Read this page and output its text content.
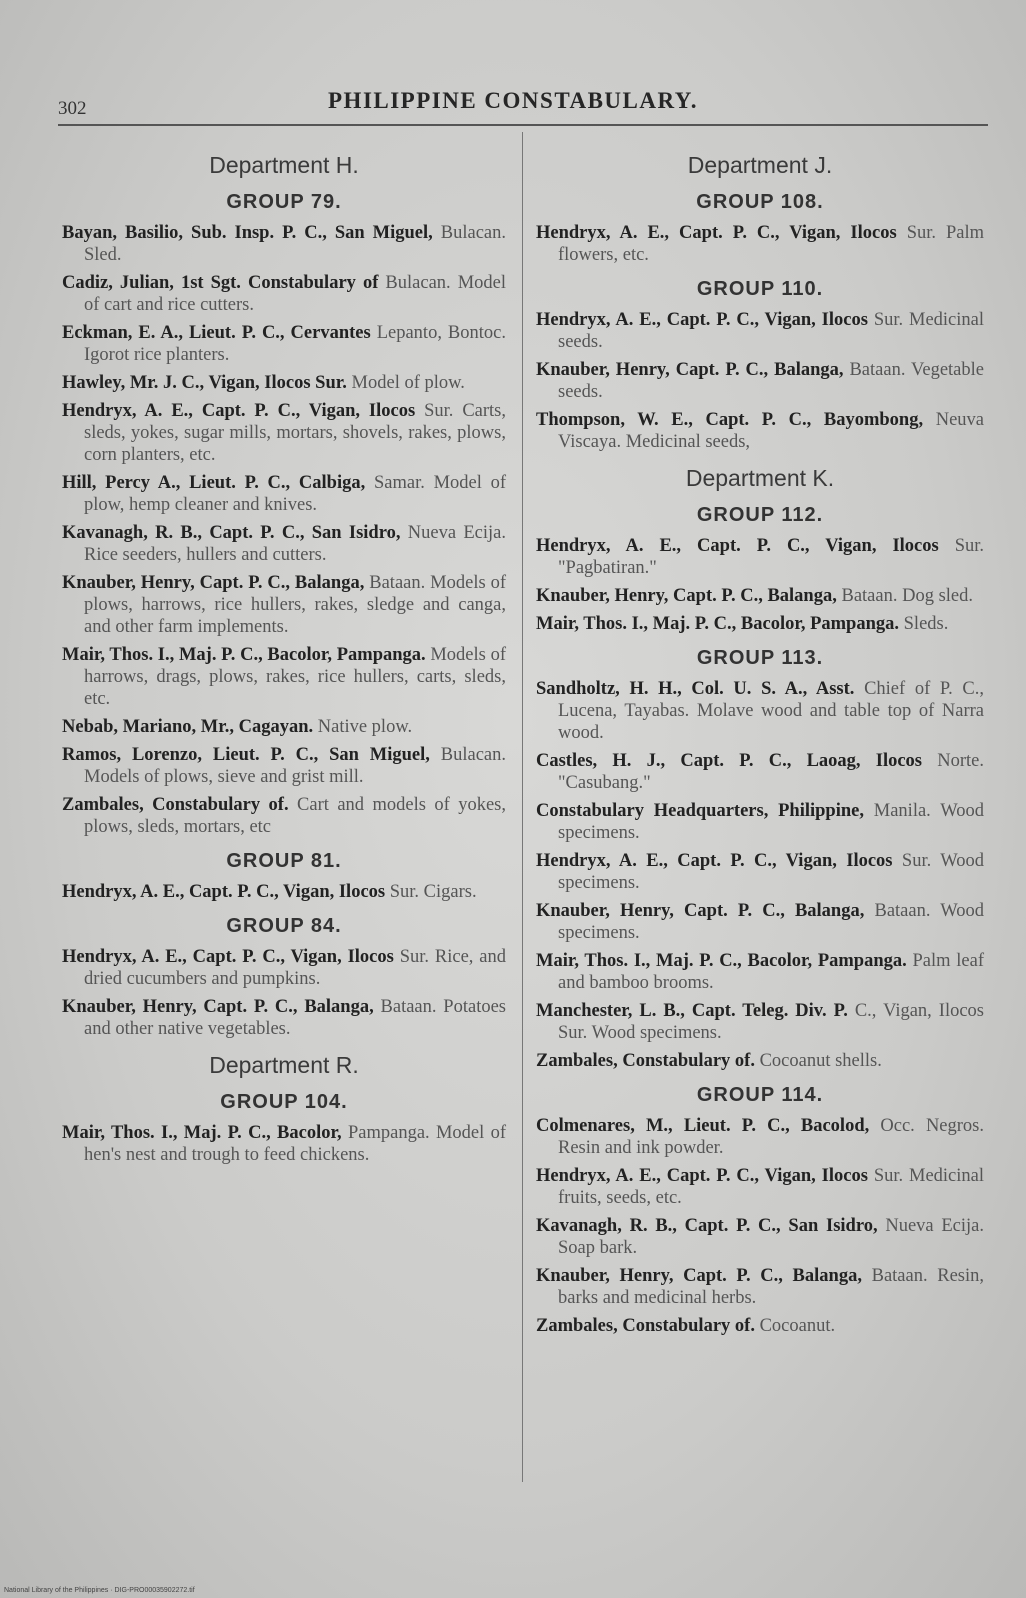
302	PHILIPPINE CONSTABULARY.
Department H.
GROUP 79.

Bayan, Basilio, Sub. Insp. P. C., San Miguel, Bulacan. Sled.

Cadiz, Julian, 1st Sgt. Constabulary of Bulacan. Model of cart and rice cutters.

Eckman, E. A., Lieut. P. C., Cervantes Lepanto, Bontoc. Igorot rice planters.

Hawley, Mr. J. C., Vigan, Ilocos Sur. Model of plow.

Hendryx, A. E., Capt. P. C., Vigan, Ilocos Sur. Carts, sleds, yokes, sugar mills, mortars, shovels, rakes, plows, corn planters, etc.

Hill, Percy A., Lieut. P. C., Calbiga, Samar. Model of plow, hemp cleaner and knives.

Kavanagh, R. B., Capt. P. C., San Isidro, Nueva Ecija. Rice seeders, hullers and cutters.

Knauber, Henry, Capt. P. C., Balanga, Bataan. Models of plows, harrows, rice hullers, rakes, sledge and canga, and other farm implements.

Mair, Thos. I., Maj. P. C., Bacolor, Pampanga. Models of harrows, drags, plows, rakes, rice hullers, carts, sleds, etc.

Nebab, Mariano, Mr., Cagayan. Native plow.

Ramos, Lorenzo, Lieut. P. C., San Miguel, Bulacan. Models of plows, sieve and grist mill.

Zambales, Constabulary of. Cart and models of yokes, plows, sleds, mortars, etc

GROUP 81.

Hendryx, A. E., Capt. P. C., Vigan, Ilocos Sur. Cigars.

GROUP 84.

Hendryx, A. E., Capt. P. C., Vigan, Ilocos Sur. Rice, and dried cucumbers and pumpkins.

Knauber, Henry, Capt. P. C., Balanga, Bataan. Potatoes and other native vegetables.

Department R.
GROUP 104.

Mair, Thos. I., Maj. P. C., Bacolor, Pampanga. Model of hen's nest and trough to feed chickens.

Department J.
GROUP 108.

Hendryx, A. E., Capt. P. C., Vigan, Ilocos Sur. Palm flowers, etc.

GROUP 110.

Hendryx, A. E., Capt. P. C., Vigan, Ilocos Sur. Medicinal seeds.

Knauber, Henry, Capt. P. C., Balanga, Bataan. Vegetable seeds.

Thompson, W. E., Capt. P. C., Bayombong, Neuva Viscaya. Medicinal seeds,

Department K.
GROUP 112.

Hendryx, A. E., Capt. P. C., Vigan, Ilocos Sur. "Pagbatiran."

Knauber, Henry, Capt. P. C., Balanga, Bataan. Dog sled.

Mair, Thos. I., Maj. P. C., Bacolor, Pampanga. Sleds.

GROUP 113.

Sandholtz, H. H., Col. U. S. A., Asst. Chief of P. C., Lucena, Tayabas. Molave wood and table top of Narra wood.

Castles, H. J., Capt. P. C., Laoag, Ilocos Norte. "Casubang."

Constabulary Headquarters, Philippine, Manila. Wood specimens.

Hendryx, A. E., Capt. P. C., Vigan, Ilocos Sur. Wood specimens.

Knauber, Henry, Capt. P. C., Balanga, Bataan. Wood specimens.

Mair, Thos. I., Maj. P. C., Bacolor, Pampanga. Palm leaf and bamboo brooms.

Manchester, L. B., Capt. Teleg. Div. P. C., Vigan, Ilocos Sur. Wood specimens.

Zambales, Constabulary of. Cocoanut shells.

GROUP 114.

Colmenares, M., Lieut. P. C., Bacolod, Occ. Negros. Resin and ink powder.

Hendryx, A. E., Capt. P. C., Vigan, Ilocos Sur. Medicinal fruits, seeds, etc.

Kavanagh, R. B., Capt. P. C., San Isidro, Nueva Ecija. Soap bark.

Knauber, Henry, Capt. P. C., Balanga, Bataan. Resin, barks and medicinal herbs.

Zambales, Constabulary of. Cocoanut.

National Library of the Philippines · DIG-PRO00035902272.tif
